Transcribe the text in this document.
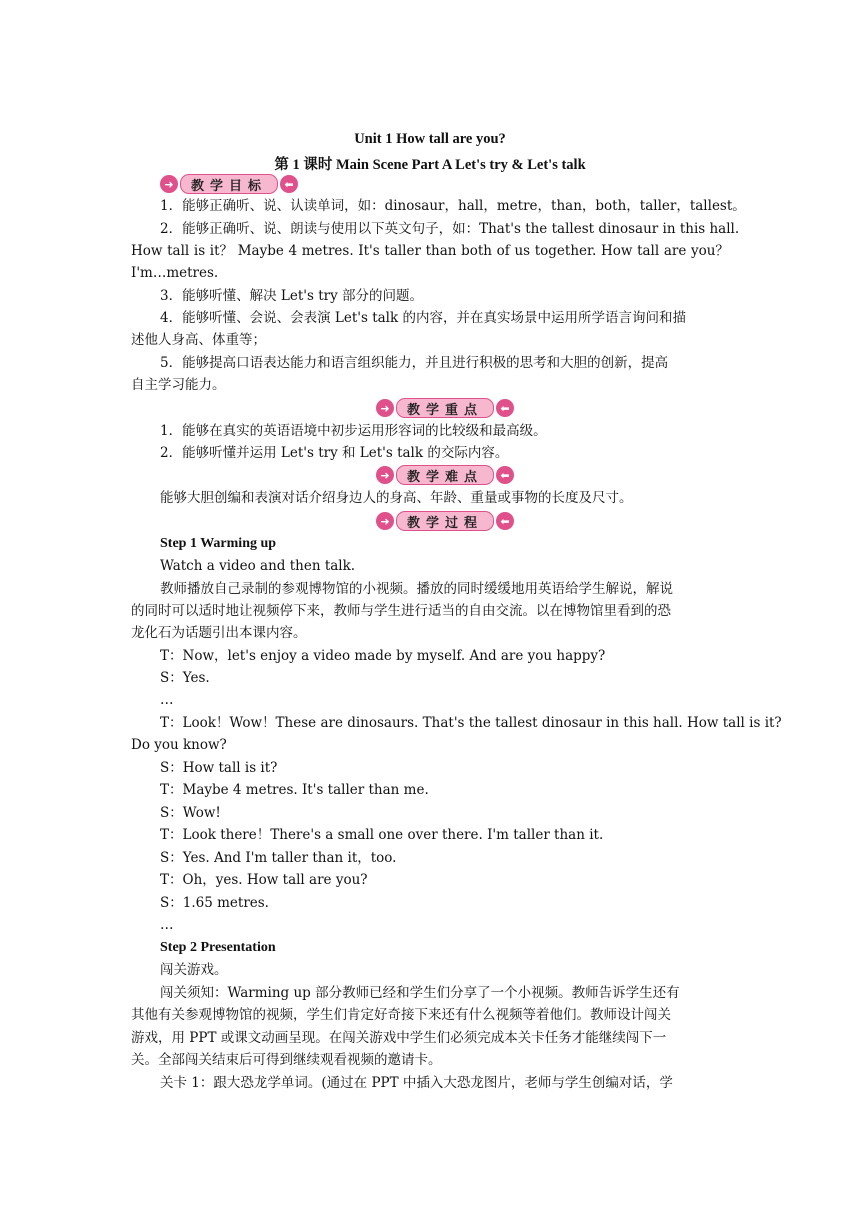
Unit 1 How tall are you?
第 1 课时 Main Scene Part A Let's try & Let's talk
➜	教学目标	⬅
1．能够正确听、说、认读单词，如：dinosaur，hall，metre，than，both，taller，tallest。
2．能够正确听、说、朗读与使用以下英文句子，如：That's the tallest dinosaur in this hall.
How tall is it？ Maybe 4 metres. It's taller than both of us together. How tall are you？
I'm…metres.
3．能够听懂、解决 Let's try 部分的问题。
4．能够听懂、会说、会表演 Let's talk 的内容，并在真实场景中运用所学语言询问和描
述他人身高、体重等；
5．能够提高口语表达能力和语言组织能力，并且进行积极的思考和大胆的创新，提高
自主学习能力。
➜	教学重点	⬅
1．能够在真实的英语语境中初步运用形容词的比较级和最高级。
2．能够听懂并运用 Let's try 和 Let's talk 的交际内容。
➜	教学难点	⬅
能够大胆创编和表演对话介绍身边人的身高、年龄、重量或事物的长度及尺寸。
➜	教学过程	⬅
Step 1 Warming up
Watch a video and then talk.
教师播放自己录制的参观博物馆的小视频。播放的同时缓缓地用英语给学生解说，解说
的同时可以适时地让视频停下来，教师与学生进行适当的自由交流。以在博物馆里看到的恐
龙化石为话题引出本课内容。
T：Now，let's enjoy a video made by myself. And are you happy?
S：Yes.
…
T：Look！Wow！These are dinosaurs. That's the tallest dinosaur in this hall. How tall is it?
Do you know?
S：How tall is it?
T：Maybe 4 metres. It's taller than me.
S：Wow!
T：Look there！There's a small one over there. I'm taller than it.
S：Yes. And I'm taller than it，too.
T：Oh，yes. How tall are you?
S：1.65 metres.
…
Step 2 Presentation
闯关游戏。
闯关须知：Warming up 部分教师已经和学生们分享了一个小视频。教师告诉学生还有
其他有关参观博物馆的视频，学生们肯定好奇接下来还有什么视频等着他们。教师设计闯关
游戏，用 PPT 或课文动画呈现。在闯关游戏中学生们必须完成本关卡任务才能继续闯下一
关。全部闯关结束后可得到继续观看视频的邀请卡。
关卡 1：跟大恐龙学单词。(通过在 PPT 中插入大恐龙图片，老师与学生创编对话，学
